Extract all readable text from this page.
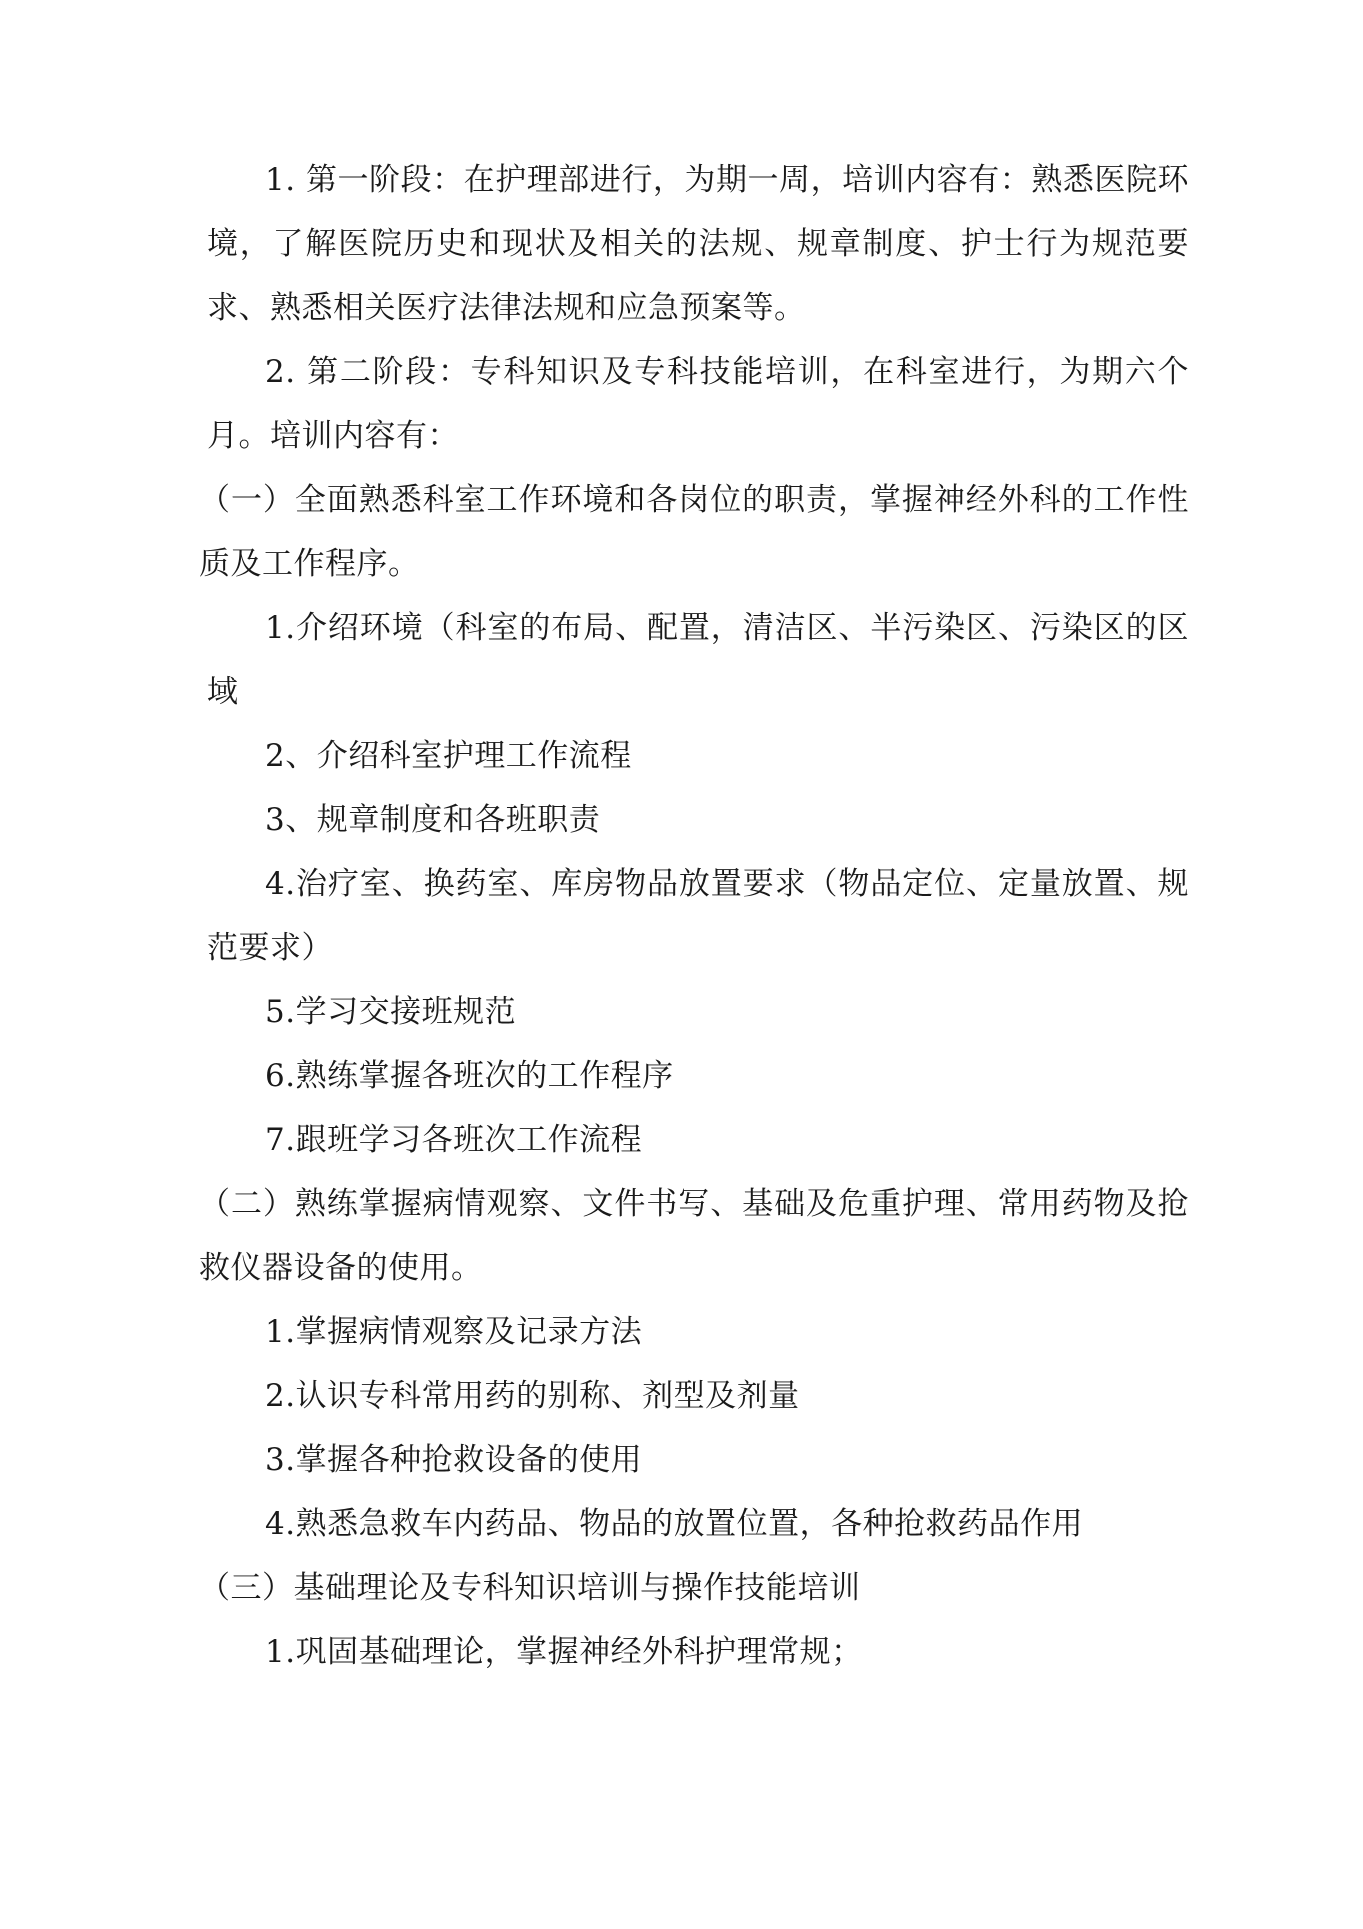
1. 第一阶段：在护理部进行，为期一周，培训内容有：熟悉医院环境，了解医院历史和现状及相关的法规、规章制度、护士行为规范要求、熟悉相关医疗法律法规和应急预案等。

2. 第二阶段：专科知识及专科技能培训，在科室进行，为期六个月。培训内容有：

（一）全面熟悉科室工作环境和各岗位的职责，掌握神经外科的工作性质及工作程序。

1.介绍环境（科室的布局、配置，清洁区、半污染区、污染区的区域

2、介绍科室护理工作流程

3、规章制度和各班职责

4.治疗室、换药室、库房物品放置要求（物品定位、定量放置、规范要求）

5.学习交接班规范

6.熟练掌握各班次的工作程序

7.跟班学习各班次工作流程

（二）熟练掌握病情观察、文件书写、基础及危重护理、常用药物及抢救仪器设备的使用。

1.掌握病情观察及记录方法

2.认识专科常用药的别称、剂型及剂量

3.掌握各种抢救设备的使用

4.熟悉急救车内药品、物品的放置位置，各种抢救药品作用

（三）基础理论及专科知识培训与操作技能培训

1.巩固基础理论，掌握神经外科护理常规；
